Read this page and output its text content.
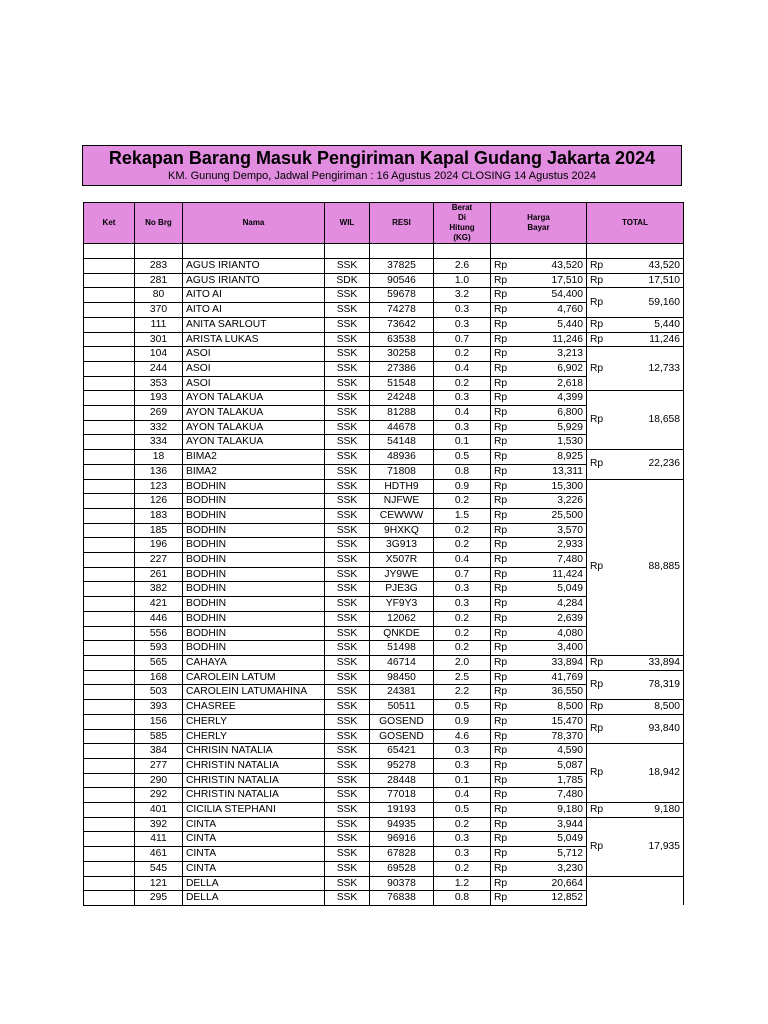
Rekapan Barang Masuk Pengiriman Kapal Gudang Jakarta 2024
KM. Gunung Dempo, Jadwal Pengiriman : 16 Agustus 2024 CLOSING 14 Agustus 2024
Ket	No Brg	Nama	WIL	RESI	Berat Di Hitung (KG)	Harga Bayar	TOTAL

	283	AGUS IRIANTO	SSK	37825	2.6	Rp 43,520	Rp 43,520

	281	AGUS IRIANTO	SDK	90546	1.0	Rp 17,510	Rp 17,510

	80	AITO AI	SSK	59678	3.2	Rp 54,400	Rp 59,160

	370	AITO AI	SSK	74278	0.3	Rp 4,760	

	111	ANITA SARLOUT	SSK	73642	0.3	Rp 5,440	Rp 5,440

	301	ARISTA LUKAS	SSK	63538	0.7	Rp 11,246	Rp 11,246

	104	ASOI	SSK	30258	0.2	Rp 3,213	Rp 12,733

	244	ASOI	SSK	27386	0.4	Rp 6,902	

	353	ASOI	SSK	51548	0.2	Rp 2,618	

	193	AYON TALAKUA	SSK	24248	0.3	Rp 4,399	Rp 18,658

	269	AYON TALAKUA	SSK	81288	0.4	Rp 6,800	

	332	AYON TALAKUA	SSK	44678	0.3	Rp 5,929	

	334	AYON TALAKUA	SSK	54148	0.1	Rp 1,530	

	18	BIMA2	SSK	48936	0.5	Rp 8,925	Rp 22,236

	136	BIMA2	SSK	71808	0.8	Rp 13,311	

	123	BODHIN	SSK	HDTH9	0.9	Rp 15,300	Rp 88,885

	126	BODHIN	SSK	NJFWE	0.2	Rp 3,226	

	183	BODHIN	SSK	CEWWW	1.5	Rp 25,500	

	185	BODHIN	SSK	9HXKQ	0.2	Rp 3,570	

	196	BODHIN	SSK	3G913	0.2	Rp 2,933	

	227	BODHIN	SSK	X507R	0.4	Rp 7,480	

	261	BODHIN	SSK	JY9WE	0.7	Rp 11,424	

	382	BODHIN	SSK	PJE3G	0.3	Rp 5,049	

	421	BODHIN	SSK	YF9Y3	0.3	Rp 4,284	

	446	BODHIN	SSK	12062	0.2	Rp 2,639	

	556	BODHIN	SSK	QNKDE	0.2	Rp 4,080	

	593	BODHIN	SSK	51498	0.2	Rp 3,400	

	565	CAHAYA	SSK	46714	2.0	Rp 33,894	Rp 33,894

	168	CAROLEIN LATUM	SSK	98450	2.5	Rp 41,769	Rp 78,319

	503	CAROLEIN LATUMAHINA	SSK	24381	2.2	Rp 36,550	

	393	CHASREE	SSK	50511	0.5	Rp 8,500	Rp 8,500

	156	CHERLY	SSK	GOSEND	0.9	Rp 15,470	Rp 93,840

	585	CHERLY	SSK	GOSEND	4.6	Rp 78,370	

	384	CHRISIN NATALIA	SSK	65421	0.3	Rp 4,590	Rp 18,942

	277	CHRISTIN NATALIA	SSK	95278	0.3	Rp 5,087	

	290	CHRISTIN NATALIA	SSK	28448	0.1	Rp 1,785	

	292	CHRISTIN NATALIA	SSK	77018	0.4	Rp 7,480	

	401	CICILIA STEPHANI	SSK	19193	0.5	Rp 9,180	Rp 9,180

	392	CINTA	SSK	94935	0.2	Rp 3,944	Rp 17,935

	411	CINTA	SSK	96916	0.3	Rp 5,049	

	461	CINTA	SSK	67828	0.3	Rp 5,712	

	545	CINTA	SSK	69528	0.2	Rp 3,230	

	121	DELLA	SSK	90378	1.2	Rp 20,664	

	295	DELLA	SSK	76838	0.8	Rp 12,852	
